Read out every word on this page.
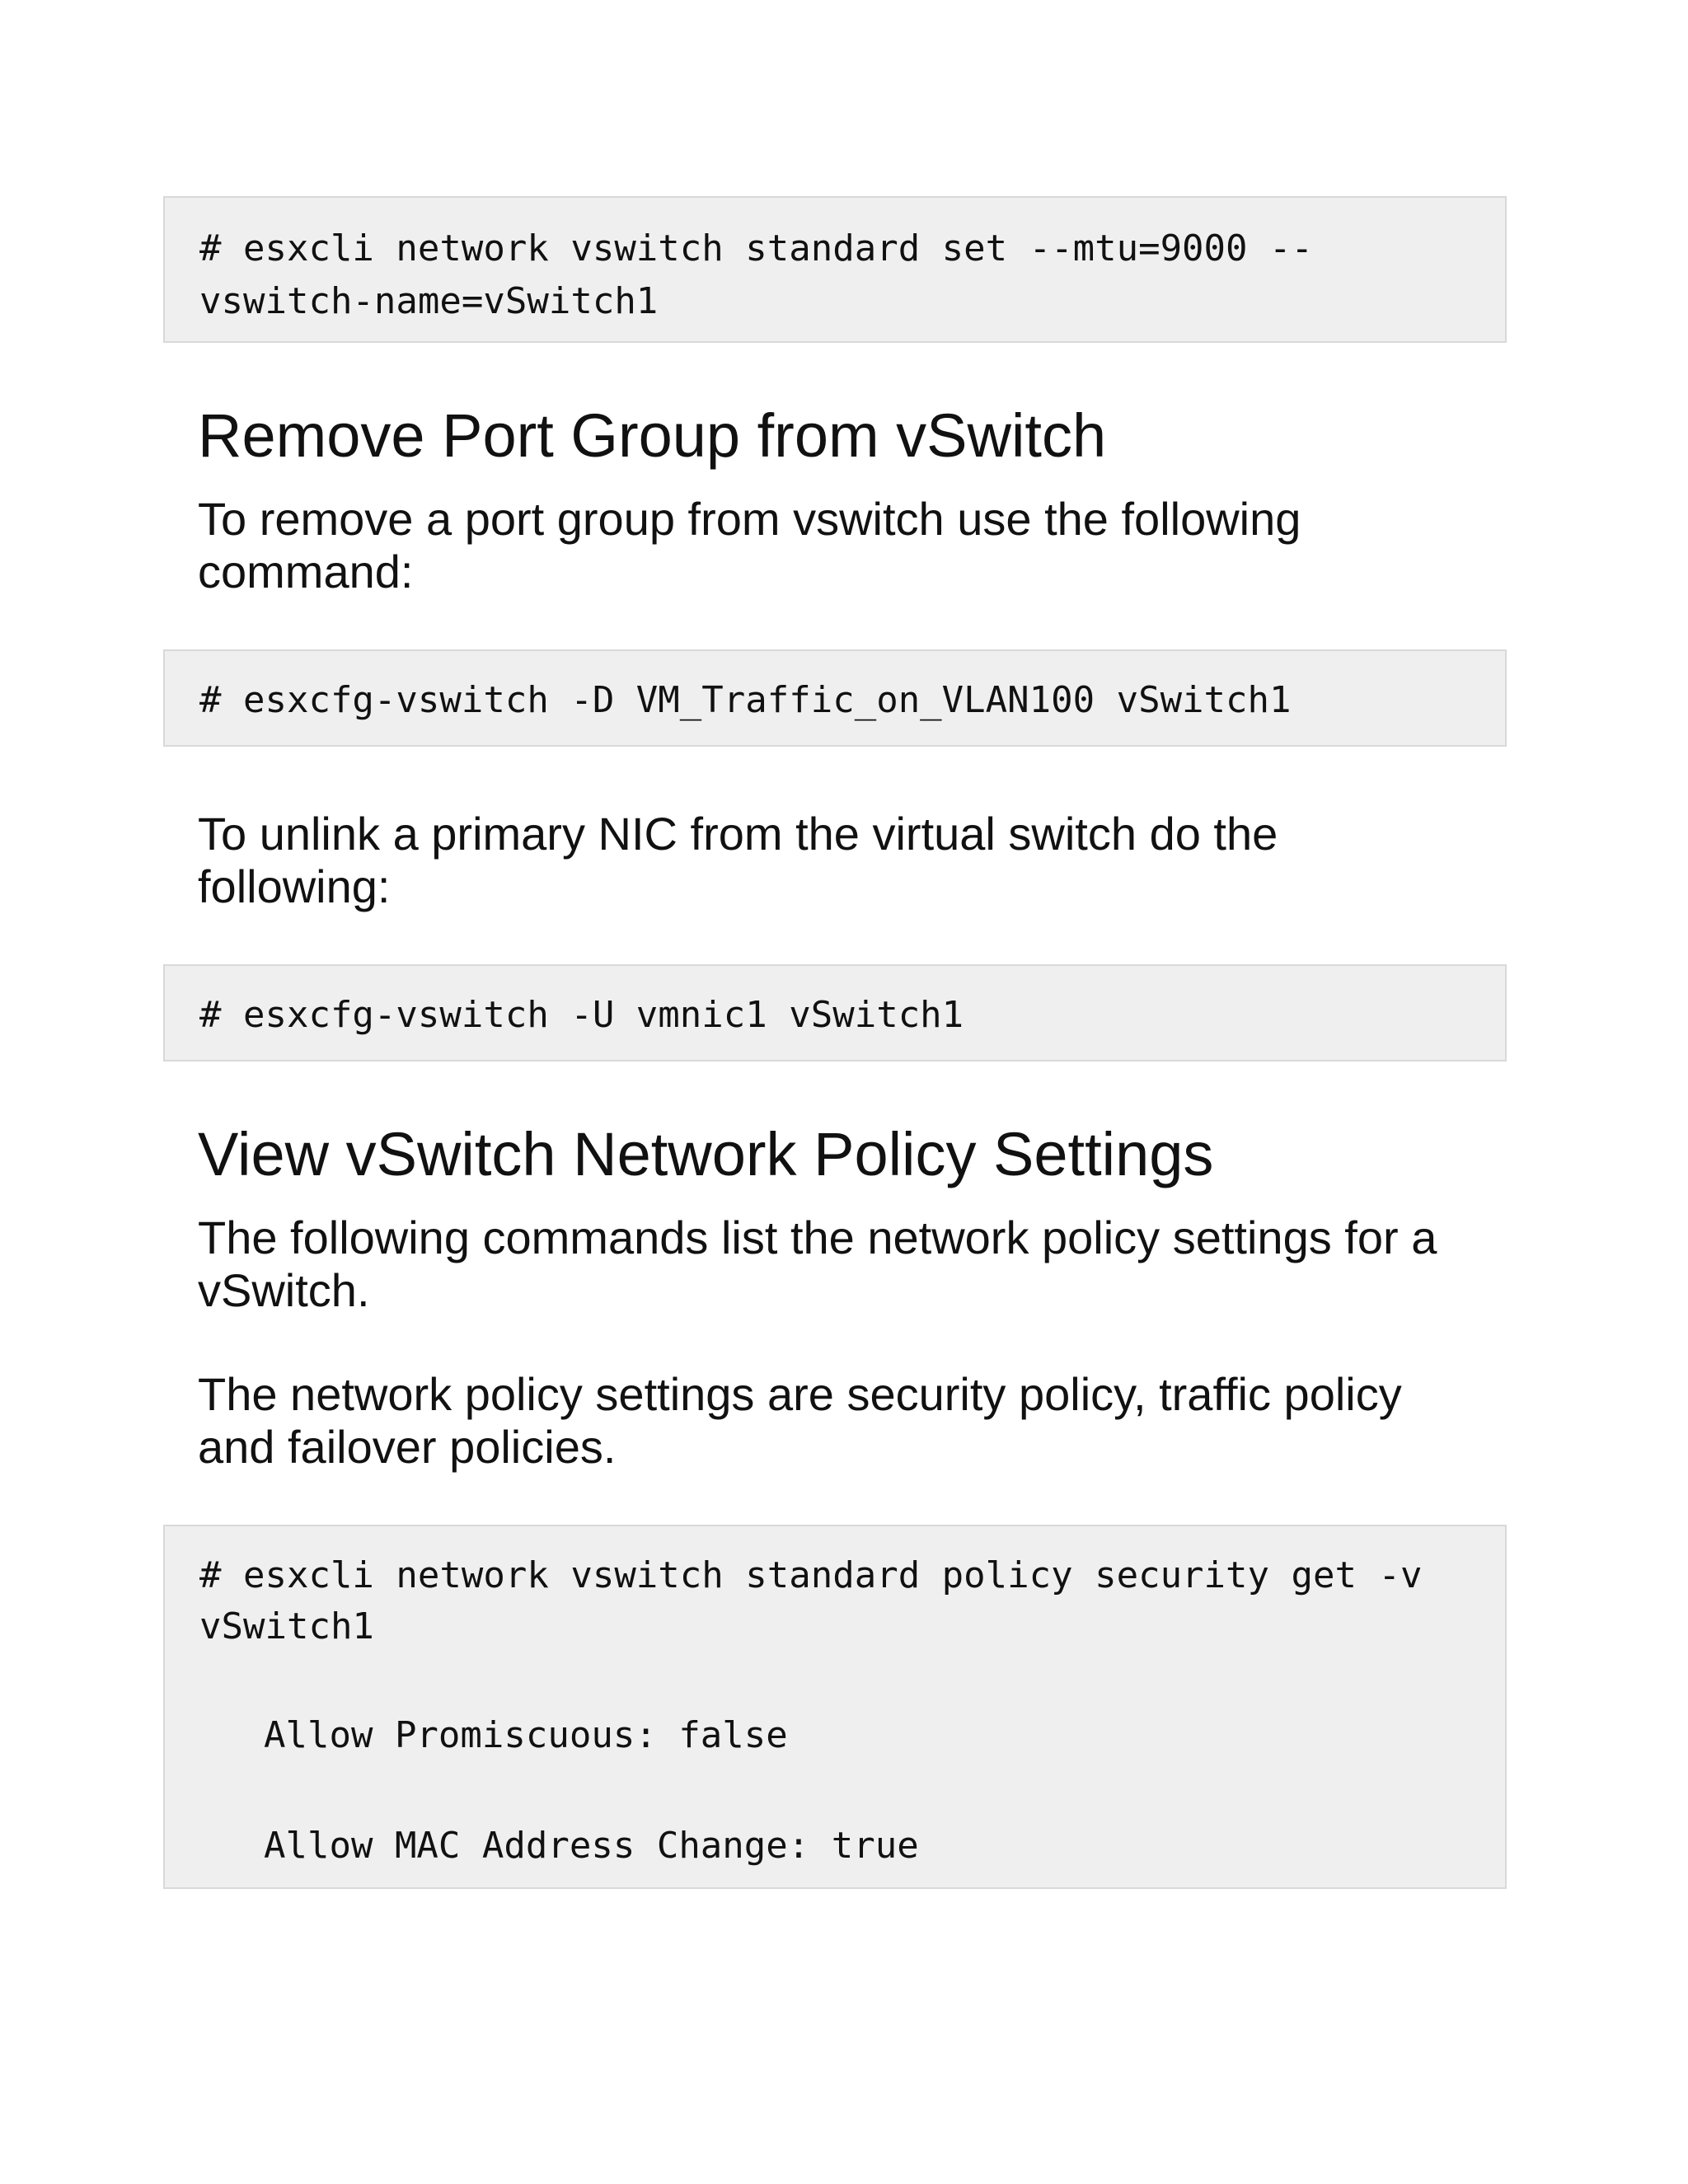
# esxcli network vswitch standard set --mtu=9000 --
vswitch-name=vSwitch1
Remove Port Group from vSwitch

To remove a port group from vswitch use the following
command:

# esxcfg-vswitch -D VM_Traffic_on_VLAN100 vSwitch1

To unlink a primary NIC from the virtual switch do the
following:

# esxcfg-vswitch -U vmnic1 vSwitch1
View vSwitch Network Policy Settings

The following commands list the network policy settings for a
vSwitch.

The network policy settings are security policy, traffic policy
and failover policies.

# esxcli network vswitch standard policy security get -v
vSwitch1
Allow Promiscuous: false
Allow MAC Address Change: true
